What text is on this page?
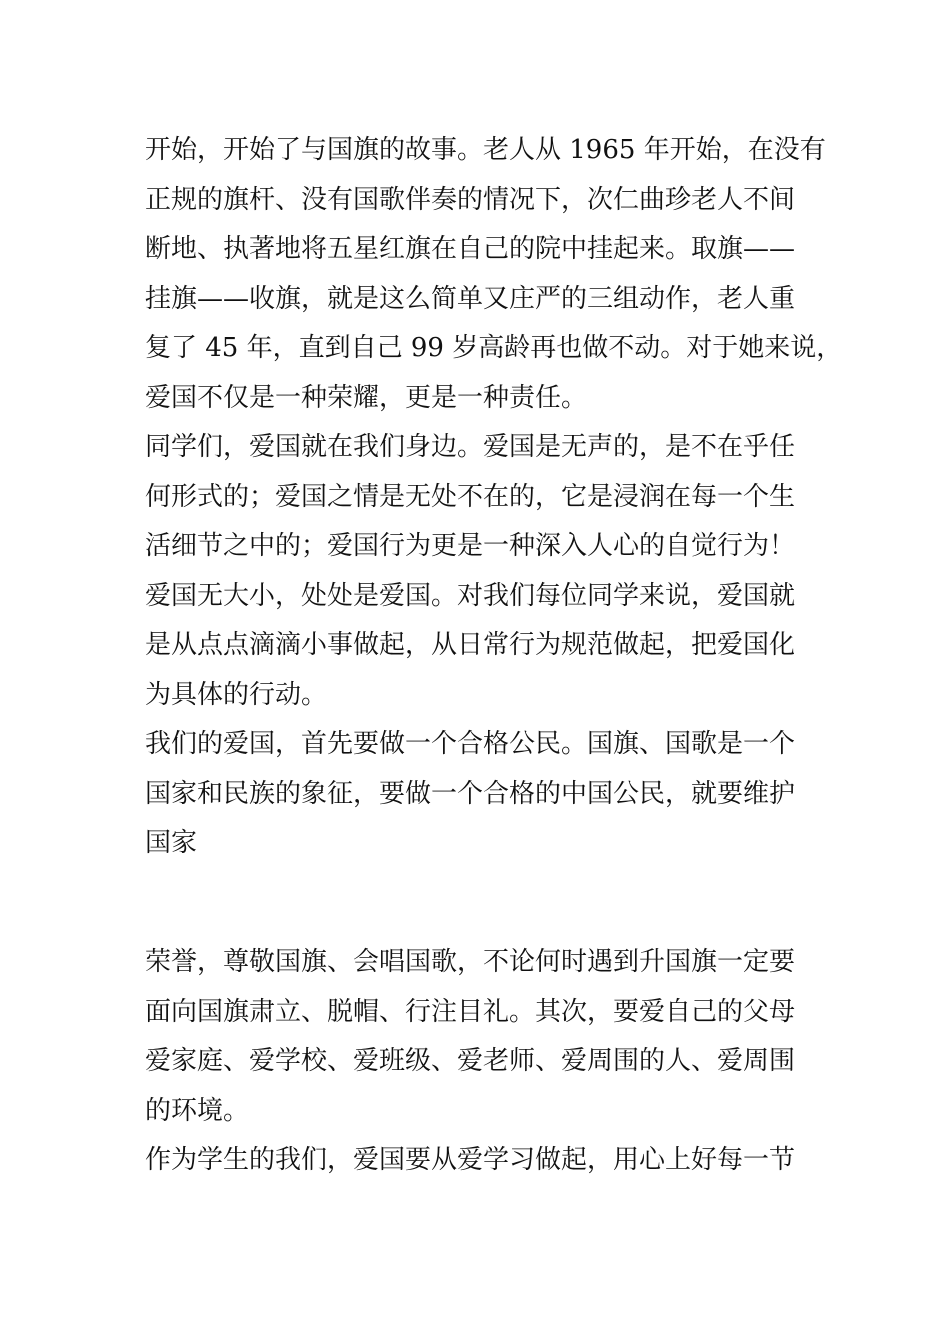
开始，开始了与国旗的故事。老人从 1965 年开始，在没有
正规的旗杆、没有国歌伴奏的情况下，次仁曲珍老人不间
断地、执著地将五星红旗在自己的院中挂起来。取旗——
挂旗——收旗，就是这么简单又庄严的三组动作，老人重
复了 45 年，直到自己 99 岁高龄再也做不动。对于她来说，
爱国不仅是一种荣耀，更是一种责任。
同学们，爱国就在我们身边。爱国是无声的，是不在乎任
何形式的；爱国之情是无处不在的，它是浸润在每一个生
活细节之中的；爱国行为更是一种深入人心的自觉行为！
爱国无大小，处处是爱国。对我们每位同学来说，爱国就
是从点点滴滴小事做起，从日常行为规范做起，把爱国化
为具体的行动。
我们的爱国，首先要做一个合格公民。国旗、国歌是一个
国家和民族的象征，要做一个合格的中国公民，就要维护
国家
荣誉，尊敬国旗、会唱国歌，不论何时遇到升国旗一定要
面向国旗肃立、脱帽、行注目礼。其次，要爱自己的父母
爱家庭、爱学校、爱班级、爱老师、爱周围的人、爱周围
的环境。
作为学生的我们，爱国要从爱学习做起，用心上好每一节
